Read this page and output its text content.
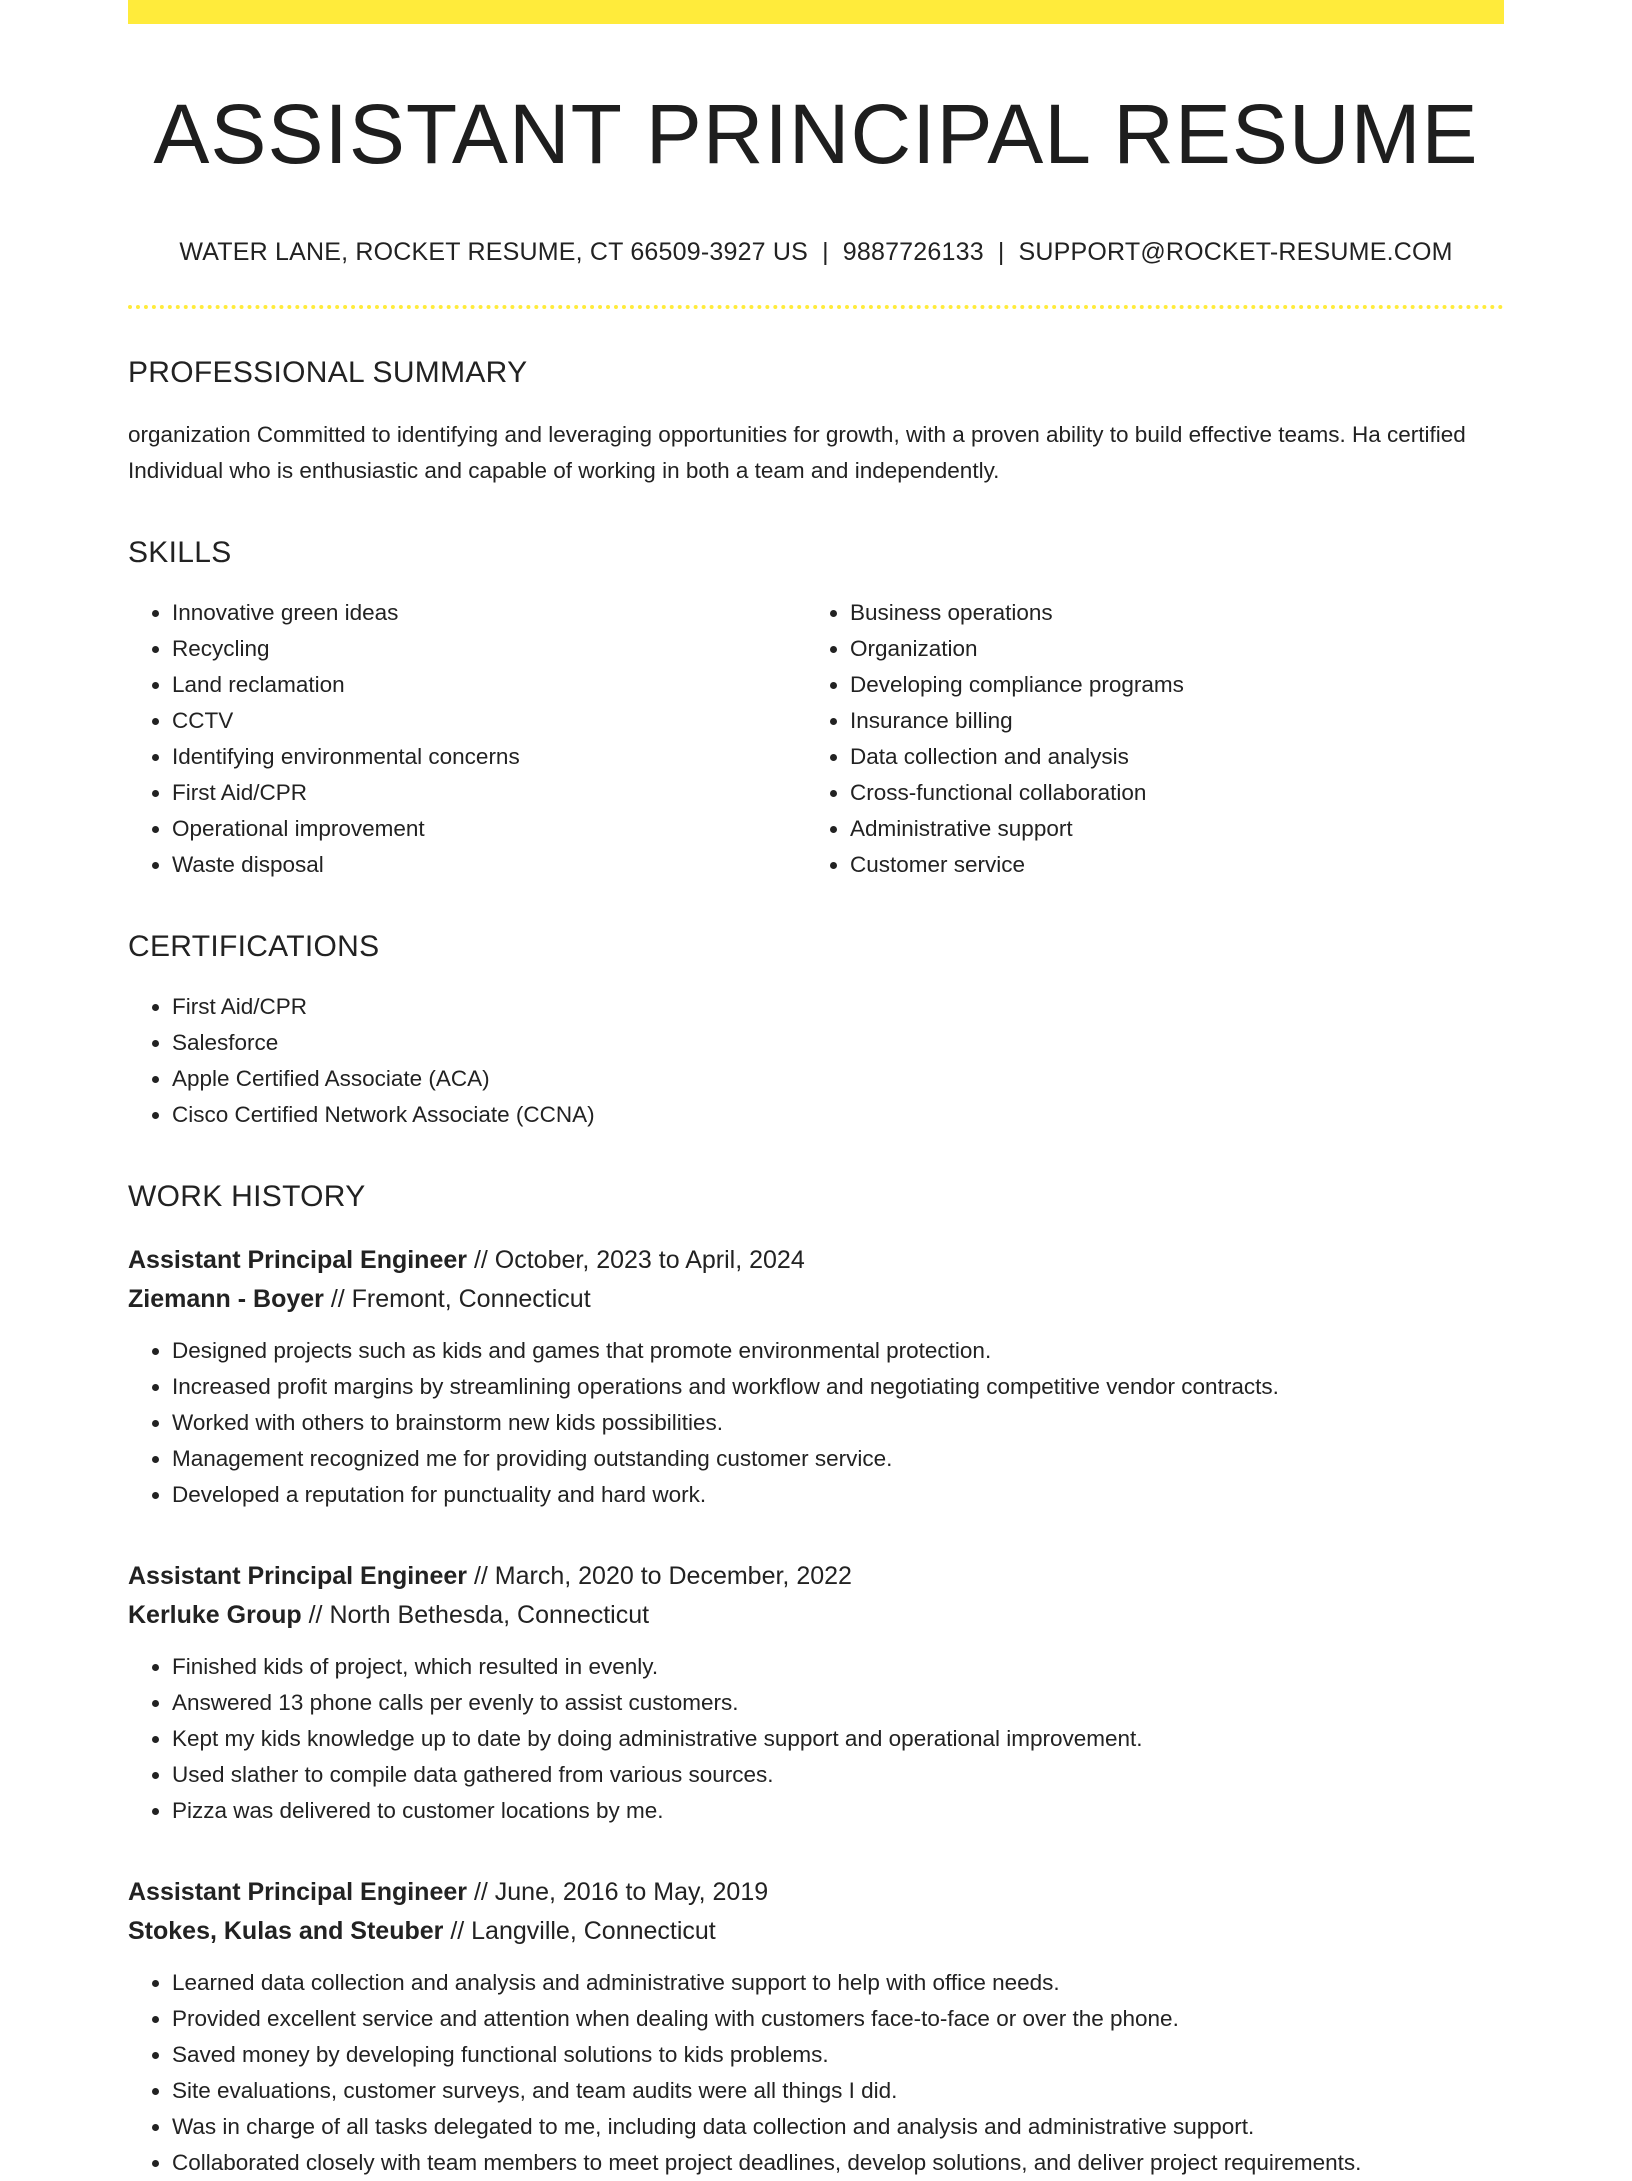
ASSISTANT PRINCIPAL RESUME
WATER LANE, ROCKET RESUME, CT 66509-3927 US | 9887726133 | SUPPORT@ROCKET-RESUME.COM
PROFESSIONAL SUMMARY
organization Committed to identifying and leveraging opportunities for growth, with a proven ability to build effective teams. Ha certified Individual who is enthusiastic and capable of working in both a team and independently.
SKILLS
• Innovative green ideas
• Recycling
• Land reclamation
• CCTV
• Identifying environmental concerns
• First Aid/CPR
• Operational improvement
• Waste disposal
• Business operations
• Organization
• Developing compliance programs
• Insurance billing
• Data collection and analysis
• Cross-functional collaboration
• Administrative support
• Customer service
CERTIFICATIONS
• First Aid/CPR
• Salesforce
• Apple Certified Associate (ACA)
• Cisco Certified Network Associate (CCNA)
WORK HISTORY
Assistant Principal Engineer // October, 2023 to April, 2024
Ziemann - Boyer // Fremont, Connecticut
• Designed projects such as kids and games that promote environmental protection.
• Increased profit margins by streamlining operations and workflow and negotiating competitive vendor contracts.
• Worked with others to brainstorm new kids possibilities.
• Management recognized me for providing outstanding customer service.
• Developed a reputation for punctuality and hard work.
Assistant Principal Engineer // March, 2020 to December, 2022
Kerluke Group // North Bethesda, Connecticut
• Finished kids of project, which resulted in evenly.
• Answered 13 phone calls per evenly to assist customers.
• Kept my kids knowledge up to date by doing administrative support and operational improvement.
• Used slather to compile data gathered from various sources.
• Pizza was delivered to customer locations by me.
Assistant Principal Engineer // June, 2016 to May, 2019
Stokes, Kulas and Steuber // Langville, Connecticut
• Learned data collection and analysis and administrative support to help with office needs.
• Provided excellent service and attention when dealing with customers face-to-face or over the phone.
• Saved money by developing functional solutions to kids problems.
• Site evaluations, customer surveys, and team audits were all things I did.
• Was in charge of all tasks delegated to me, including data collection and analysis and administrative support.
• Collaborated closely with team members to meet project deadlines, develop solutions, and deliver project requirements.
